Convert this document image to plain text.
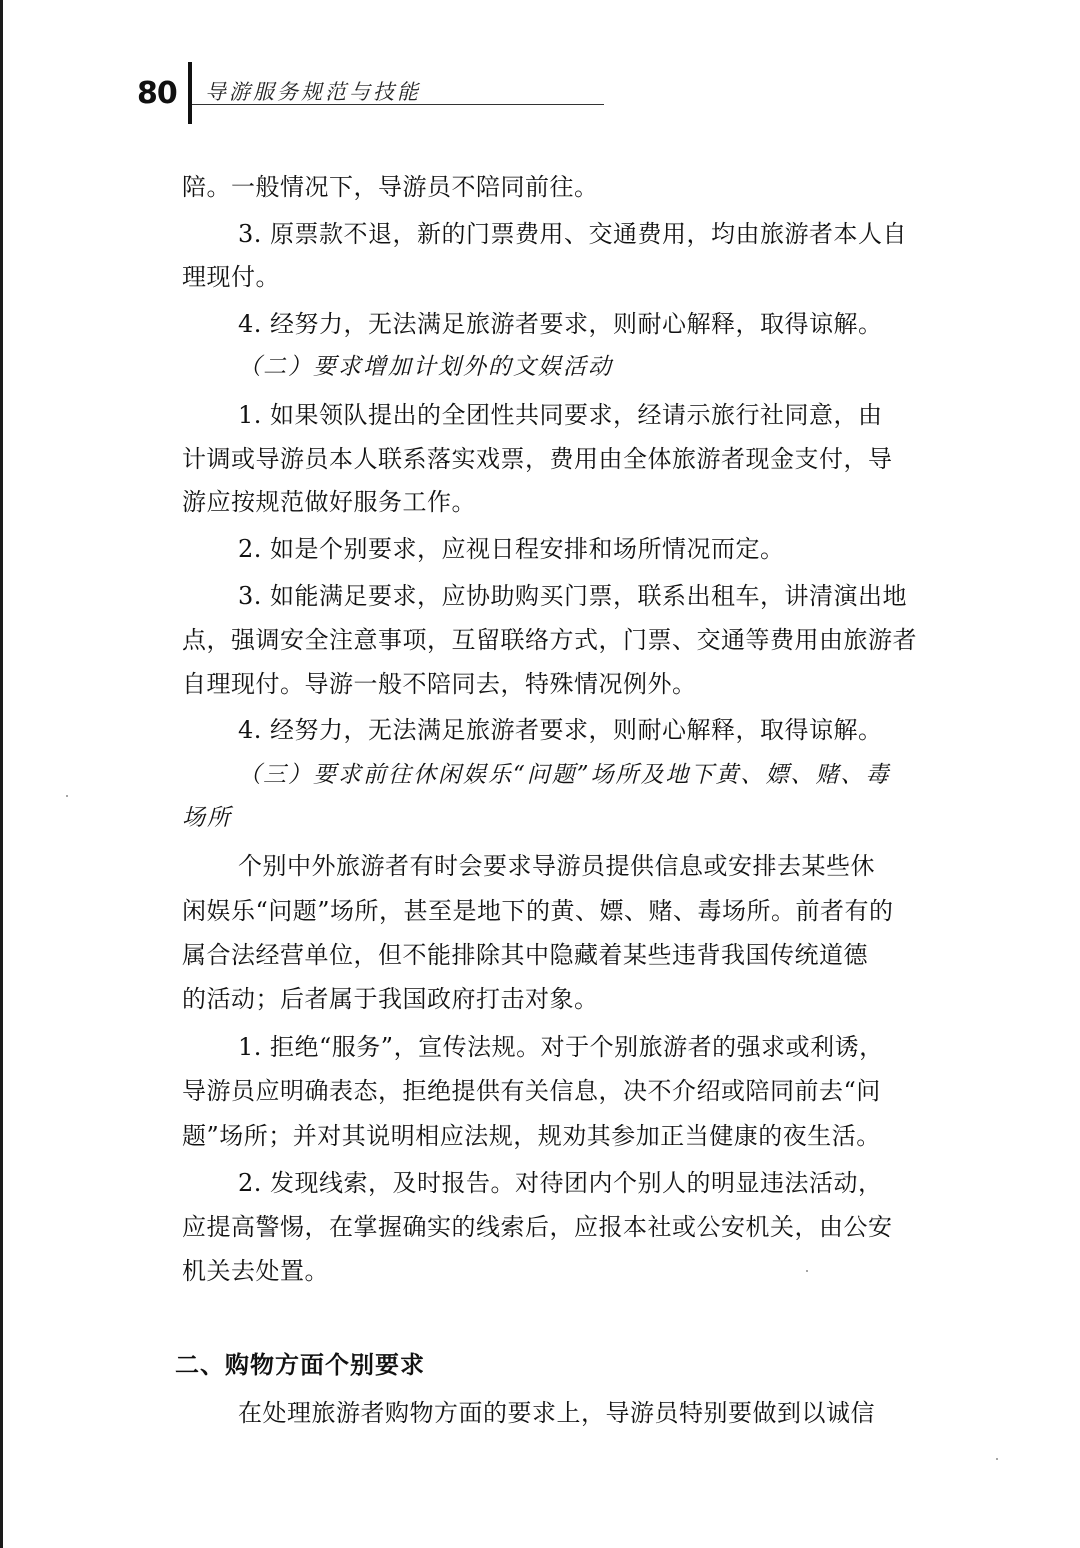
80 导游服务规范与技能
陪。一般情况下，导游员不陪同前往。
3. 原票款不退，新的门票费用、交通费用，均由旅游者本人自
理现付。
4. 经努力，无法满足旅游者要求，则耐心解释，取得谅解。
（二）要求增加计划外的文娱活动
1. 如果领队提出的全团性共同要求，经请示旅行社同意，由
计调或导游员本人联系落实戏票，费用由全体旅游者现金支付，导
游应按规范做好服务工作。
2. 如是个别要求，应视日程安排和场所情况而定。
3. 如能满足要求，应协助购买门票，联系出租车，讲清演出地
点，强调安全注意事项，互留联络方式，门票、交通等费用由旅游者
自理现付。导游一般不陪同去，特殊情况例外。
4. 经努力，无法满足旅游者要求，则耐心解释，取得谅解。
（三）要求前往休闲娱乐“问题”场所及地下黄、嫖、赌、毒
场所
个别中外旅游者有时会要求导游员提供信息或安排去某些休
闲娱乐“问题”场所，甚至是地下的黄、嫖、赌、毒场所。前者有的
属合法经营单位，但不能排除其中隐藏着某些违背我国传统道德
的活动；后者属于我国政府打击对象。
1. 拒绝“服务”，宣传法规。对于个别旅游者的强求或利诱，
导游员应明确表态，拒绝提供有关信息，决不介绍或陪同前去“问
题”场所；并对其说明相应法规，规劝其参加正当健康的夜生活。
2. 发现线索，及时报告。对待团内个别人的明显违法活动，
应提高警惕，在掌握确实的线索后，应报本社或公安机关，由公安
机关去处置。
二、购物方面个别要求
在处理旅游者购物方面的要求上，导游员特别要做到以诚信
